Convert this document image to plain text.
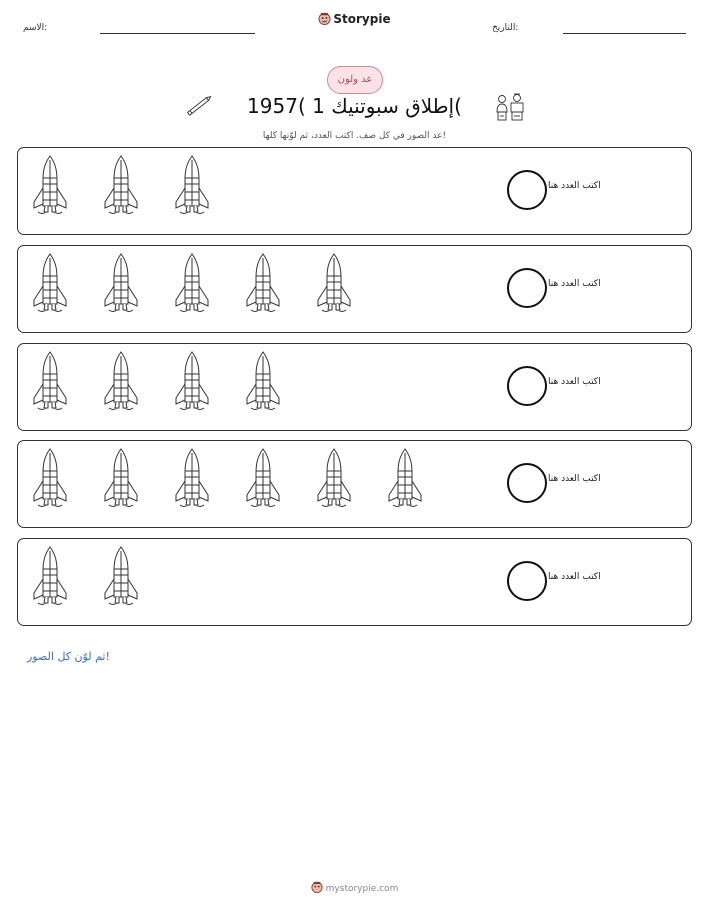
الاسم:
Storypie
التاريخ:
عد ولون
إطلاق سبوتنيك 1 )1957(
عد الصور في كل صف. اكتب العدد، ثم لوّنها كلها!
اكتب العدد هنا
اكتب العدد هنا
اكتب العدد هنا
اكتب العدد هنا
اكتب العدد هنا
ثم لوّن كل الصور!
mystorypie.com
